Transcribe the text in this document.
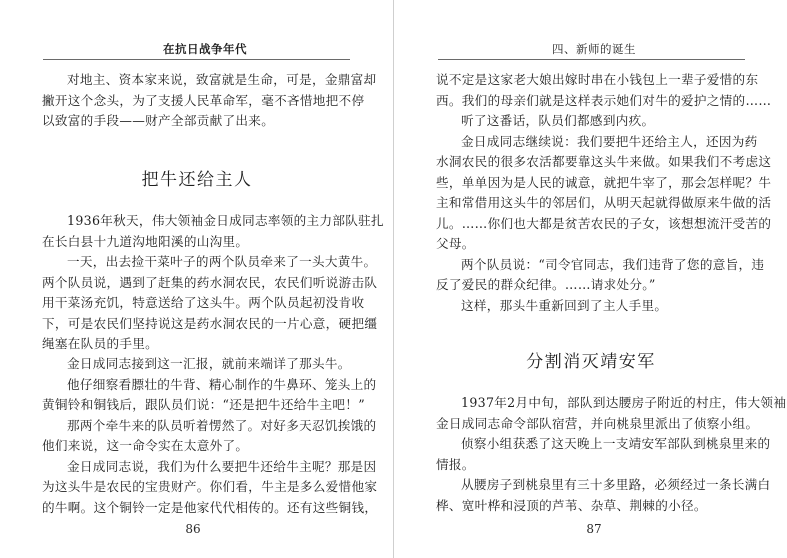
在抗日战争年代

对地主、资本家来说，致富就是生命，可是，金鼎富却

撇开这个念头，为了支援人民革命军，毫不吝惜地把不停

以致富的手段——财产全部贡献了出来。

把牛还给主人

1936年秋天，伟大领袖金日成同志率领的主力部队驻扎

在长白县十九道沟地阳溪的山沟里。

一天，出去捡干菜叶子的两个队员牵来了一头大黄牛。

两个队员说，遇到了赶集的药水洞农民，农民们听说游击队

用干菜汤充饥，特意送给了这头牛。两个队员起初没肯收

下，可是农民们坚持说这是药水洞农民的一片心意，硬把缰

绳塞在队员的手里。

金日成同志接到这一汇报，就前来端详了那头牛。

他仔细察看膘壮的牛背、精心制作的牛鼻环、笼头上的

黄铜铃和铜钱后，跟队员们说：“还是把牛还给牛主吧！”

那两个牵牛来的队员听着愣然了。对好多天忍饥挨饿的

他们来说，这一命令实在太意外了。

金日成同志说，我们为什么要把牛还给牛主呢？那是因

为这头牛是农民的宝贵财产。你们看，牛主是多么爱惜他家

的牛啊。这个铜铃一定是他家代代相传的。还有这些铜钱，

86
四、新师的诞生

说不定是这家老大娘出嫁时串在小钱包上一辈子爱惜的东

西。我们的母亲们就是这样表示她们对牛的爱护之情的……

听了这番话，队员们都感到内疚。

金日成同志继续说：我们要把牛还给主人，还因为药

水洞农民的很多农活都要靠这头牛来做。如果我们不考虑这

些，单单因为是人民的诚意，就把牛宰了，那会怎样呢？牛

主和常借用这头牛的邻居们，从明天起就得做原来牛做的活

儿。……你们也大都是贫苦农民的子女，该想想流汗受苦的

父母。

两个队员说：“司令官同志，我们违背了您的意旨，违

反了爱民的群众纪律。……请求处分。”

这样，那头牛重新回到了主人手里。

分割消灭靖安军

1937年2月中旬，部队到达腰房子附近的村庄，伟大领袖

金日成同志命令部队宿营，并向桃泉里派出了侦察小组。

侦察小组获悉了这天晚上一支靖安军部队到桃泉里来的

情报。

从腰房子到桃泉里有三十多里路，必须经过一条长满白

桦、宽叶桦和浸顶的芦苇、杂草、荆棘的小径。

87
